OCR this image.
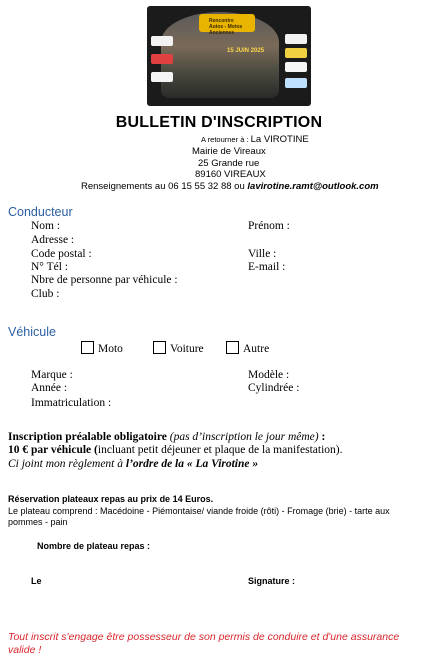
Rencontre
Autos - Motos
Anciennes
15 JUIN 2025
BULLETIN D'INSCRIPTION
A retourner à : La VIROTINE
Mairie de Vireaux
25 Grande rue
89160 VIREAUX
Renseignements au 06 15 55 32 88 ou lavirotine.ramt@outlook.com
Conducteur
Nom :	Prénom :
Adresse :
Code postal :	Ville :
N° Tél :	E-mail :
Nbre de personne par véhicule :
Club :
Véhicule
Moto	Voiture	Autre
Marque :	Modèle :
Année :	Cylindrée :
Immatriculation :
Inscription préalable obligatoire (pas d’inscription le jour même) :
10 € par véhicule (incluant petit déjeuner et plaque de la manifestation).
Ci joint mon règlement à l’ordre de la « La Virotine »
Réservation plateaux repas au prix de 14 Euros.
Le plateau comprend : Macédoine - Piémontaise/ viande froide (rôti) - Fromage (brie) - tarte aux
pommes - pain
Nombre de plateau repas :
Le	Signature :
Tout inscrit s'engage être possesseur de son permis de conduire et d'une assurance
valide !
